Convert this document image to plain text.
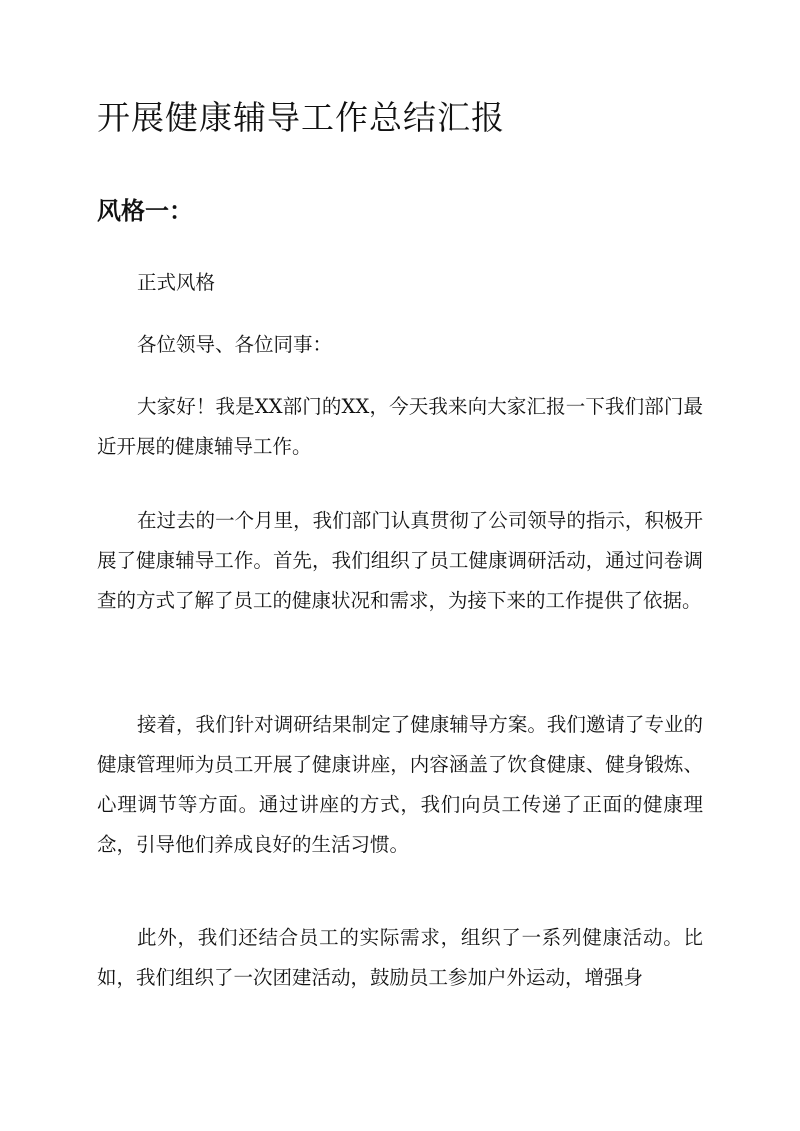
开展健康辅导工作总结汇报
风格一：

正式风格

各位领导、各位同事：

大家好！我是XX部门的XX，今天我来向大家汇报一下我们部门最近开展的健康辅导工作。

在过去的一个月里，我们部门认真贯彻了公司领导的指示，积极开展了健康辅导工作。首先，我们组织了员工健康调研活动，通过问卷调查的方式了解了员工的健康状况和需求，为接下来的工作提供了依据。

接着，我们针对调研结果制定了健康辅导方案。我们邀请了专业的健康管理师为员工开展了健康讲座，内容涵盖了饮食健康、健身锻炼、心理调节等方面。通过讲座的方式，我们向员工传递了正面的健康理念，引导他们养成良好的生活习惯。

此外，我们还结合员工的实际需求，组织了一系列健康活动。比如，我们组织了一次团建活动，鼓励员工参加户外运动，增强身
